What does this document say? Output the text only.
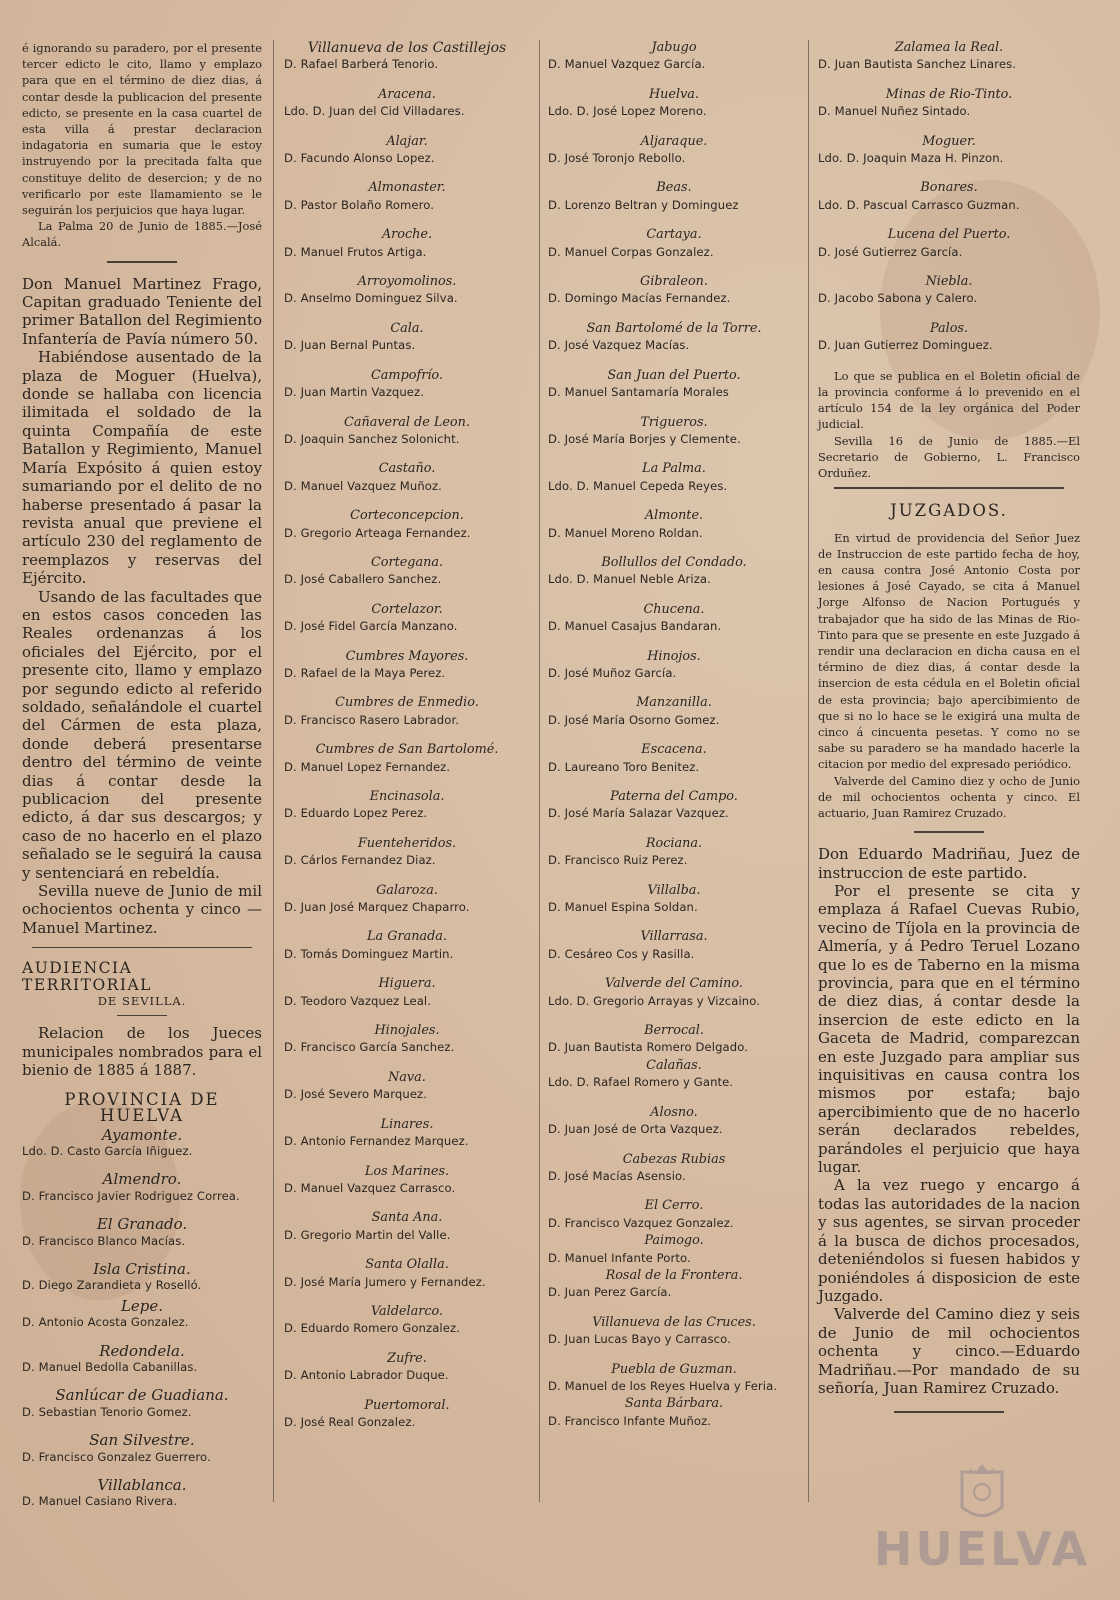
é ignorando su paradero, por el presente tercer edicto le cito, llamo y emplazo para que en el término de diez dias, á contar desde la publicacion del presente edicto, se presente en la casa cuartel de esta villa á prestar declaracion indagatoria en sumaria que le estoy instruyendo por la precitada falta que constituye delito de desercion; y de no verificarlo por este llamamiento se le seguirán los perjuicios que haya lugar.

La Palma 20 de Junio de 1885.—José Alcalá.

Don Manuel Martinez Frago, Capitan graduado Teniente del primer Batallon del Regimiento Infantería de Pavía número 50.

Habiéndose ausentado de la plaza de Moguer (Huelva), donde se hallaba con licencia ilimitada el soldado de la quinta Compañía de este Batallon y Regimiento, Manuel María Expósito á quien estoy sumariando por el delito de no haberse presentado á pasar la revista anual que previene el artículo 230 del reglamento de reemplazos y reservas del Ejército.

Usando de las facultades que en estos casos conceden las Reales ordenanzas á los oficiales del Ejército, por el presente cito, llamo y emplazo por segundo edicto al referido soldado, señalándole el cuartel del Cármen de esta plaza, donde deberá presentarse dentro del término de veinte dias á contar desde la publicacion del presente edicto, á dar sus descargos; y caso de no hacerlo en el plazo señalado se le seguirá la causa y sentenciará en rebeldía.

Sevilla nueve de Junio de mil ochocientos ochenta y cinco — Manuel Martinez.

AUDIENCIA TERRITORIAL
DE SEVILLA.

Relacion de los Jueces municipales nombrados para el bienio de 1885 á 1887.

PROVINCIA DE HUELVA
Ayamonte.
Ldo. D. Casto García Iñiguez.
Almendro.
D. Francisco Javier Rodriguez Correa.
El Granado.
D. Francisco Blanco Macías.
Isla Cristina.
D. Diego Zarandieta y Roselló.
Lepe.
D. Antonio Acosta Gonzalez.
Redondela.
D. Manuel Bedolla Cabanillas.
Sanlúcar de Guadiana.
D. Sebastian Tenorio Gomez.
San Silvestre.
D. Francisco Gonzalez Guerrero.
Villablanca.
D. Manuel Casiano Rivera.
Villanueva de los Castillejos
D. Rafael Barberá Tenorio.
Aracena.
Ldo. D. Juan del Cid Villadares.
Alajar.
D. Facundo Alonso Lopez.
Almonaster.
D. Pastor Bolaño Romero.
Aroche.
D. Manuel Frutos Artiga.
Arroyomolinos.
D. Anselmo Dominguez Silva.
Cala.
D. Juan Bernal Puntas.
Campofrío.
D. Juan Martin Vazquez.
Cañaveral de Leon.
D. Joaquin Sanchez Solonicht.
Castaño.
D. Manuel Vazquez Muñoz.
Corteconcepcion.
D. Gregorio Arteaga Fernandez.
Cortegana.
D. José Caballero Sanchez.
Cortelazor.
D. José Fidel García Manzano.
Cumbres Mayores.
D. Rafael de la Maya Perez.
Cumbres de Enmedio.
D. Francisco Rasero Labrador.
Cumbres de San Bartolomé.
D. Manuel Lopez Fernandez.
Encinasola.
D. Eduardo Lopez Perez.
Fuenteheridos.
D. Cárlos Fernandez Diaz.
Galaroza.
D. Juan José Marquez Chaparro.
La Granada.
D. Tomás Dominguez Martin.
Higuera.
D. Teodoro Vazquez Leal.
Hinojales.
D. Francisco García Sanchez.
Nava.
D. José Severo Marquez.
Linares.
D. Antonio Fernandez Marquez.
Los Marines.
D. Manuel Vazquez Carrasco.
Santa Ana.
D. Gregorio Martin del Valle.
Santa Olalla.
D. José María Jumero y Fernandez.
Valdelarco.
D. Eduardo Romero Gonzalez.
Zufre.
D. Antonio Labrador Duque.
Puertomoral.
D. José Real Gonzalez.
Jabugo
D. Manuel Vazquez García.
Huelva.
Ldo. D. José Lopez Moreno.
Aljaraque.
D. José Toronjo Rebollo.
Beas.
D. Lorenzo Beltran y Dominguez
Cartaya.
D. Manuel Corpas Gonzalez.
Gibraleon.
D. Domingo Macías Fernandez.
San Bartolomé de la Torre.
D. José Vazquez Macías.
San Juan del Puerto.
D. Manuel Santamaría Morales
Trigueros.
D. José María Borjes y Clemente.
La Palma.
Ldo. D. Manuel Cepeda Reyes.
Almonte.
D. Manuel Moreno Roldan.
Bollullos del Condado.
Ldo. D. Manuel Neble Ariza.
Chucena.
D. Manuel Casajus Bandaran.
Hinojos.
D. José Muñoz García.
Manzanilla.
D. José María Osorno Gomez.
Escacena.
D. Laureano Toro Benitez.
Paterna del Campo.
D. José María Salazar Vazquez.
Rociana.
D. Francisco Ruiz Perez.
Villalba.
D. Manuel Espina Soldan.
Villarrasa.
D. Cesáreo Cos y Rasilla.
Valverde del Camino.
Ldo. D. Gregorio Arrayas y Vizcaino.
Berrocal.
D. Juan Bautista Romero Delgado.
Calañas.
Ldo. D. Rafael Romero y Gante.
Alosno.
D. Juan José de Orta Vazquez.
Cabezas Rubias
D. José Macías Asensio.
El Cerro.
D. Francisco Vazquez Gonzalez.
Paimogo.
D. Manuel Infante Porto.
Rosal de la Frontera.
D. Juan Perez García.
Villanueva de las Cruces.
D. Juan Lucas Bayo y Carrasco.
Puebla de Guzman.
D. Manuel de los Reyes Huelva y Feria.
Santa Bárbara.
D. Francisco Infante Muñoz.
Zalamea la Real.
D. Juan Bautista Sanchez Linares.
Minas de Rio-Tinto.
D. Manuel Nuñez Sintado.
Moguer.
Ldo. D. Joaquin Maza H. Pinzon.
Bonares.
Ldo. D. Pascual Carrasco Guzman.
Lucena del Puerto.
D. José Gutierrez García.
Niebla.
D. Jacobo Sabona y Calero.
Palos.
D. Juan Gutierrez Dominguez.

Lo que se publica en el Boletin oficial de la provincia conforme á lo prevenido en el artículo 154 de la ley orgánica del Poder judicial.

Sevilla 16 de Junio de 1885.—El Secretario de Gobierno, L. Francisco Orduñez.

JUZGADOS.

En virtud de providencia del Señor Juez de Instruccion de este partido fecha de hoy, en causa contra José Antonio Costa por lesiones á José Cayado, se cita á Manuel Jorge Alfonso de Nacion Portugués y trabajador que ha sido de las Minas de Rio-Tinto para que se presente en este Juzgado á rendir una declaracion en dicha causa en el término de diez dias, á contar desde la insercion de esta cédula en el Boletin oficial de esta provincia; bajo apercibimiento de que si no lo hace se le exigirá una multa de cinco á cincuenta pesetas. Y como no se sabe su paradero se ha mandado hacerle la citacion por medio del expresado periódico.

Valverde del Camino diez y ocho de Junio de mil ochocientos ochenta y cinco. El actuario, Juan Ramirez Cruzado.

Don Eduardo Madriñau, Juez de instruccion de este partido.

Por el presente se cita y emplaza á Rafael Cuevas Rubio, vecino de Tíjola en la provincia de Almería, y á Pedro Teruel Lozano que lo es de Taberno en la misma provincia, para que en el término de diez dias, á contar desde la insercion de este edicto en la Gaceta de Madrid, comparezcan en este Juzgado para ampliar sus inquisitivas en causa contra los mismos por estafa; bajo apercibimiento que de no hacerlo serán declarados rebeldes, parándoles el perjuicio que haya lugar.

A la vez ruego y encargo á todas las autoridades de la nacion y sus agentes, se sirvan proceder á la busca de dichos procesados, deteniéndolos si fuesen habidos y poniéndoles á disposicion de este Juzgado.

Valverde del Camino diez y seis de Junio de mil ochocientos ochenta y cinco.—Eduardo Madriñau.—Por mandado de su señoría, Juan Ramirez Cruzado.

HUELVA
